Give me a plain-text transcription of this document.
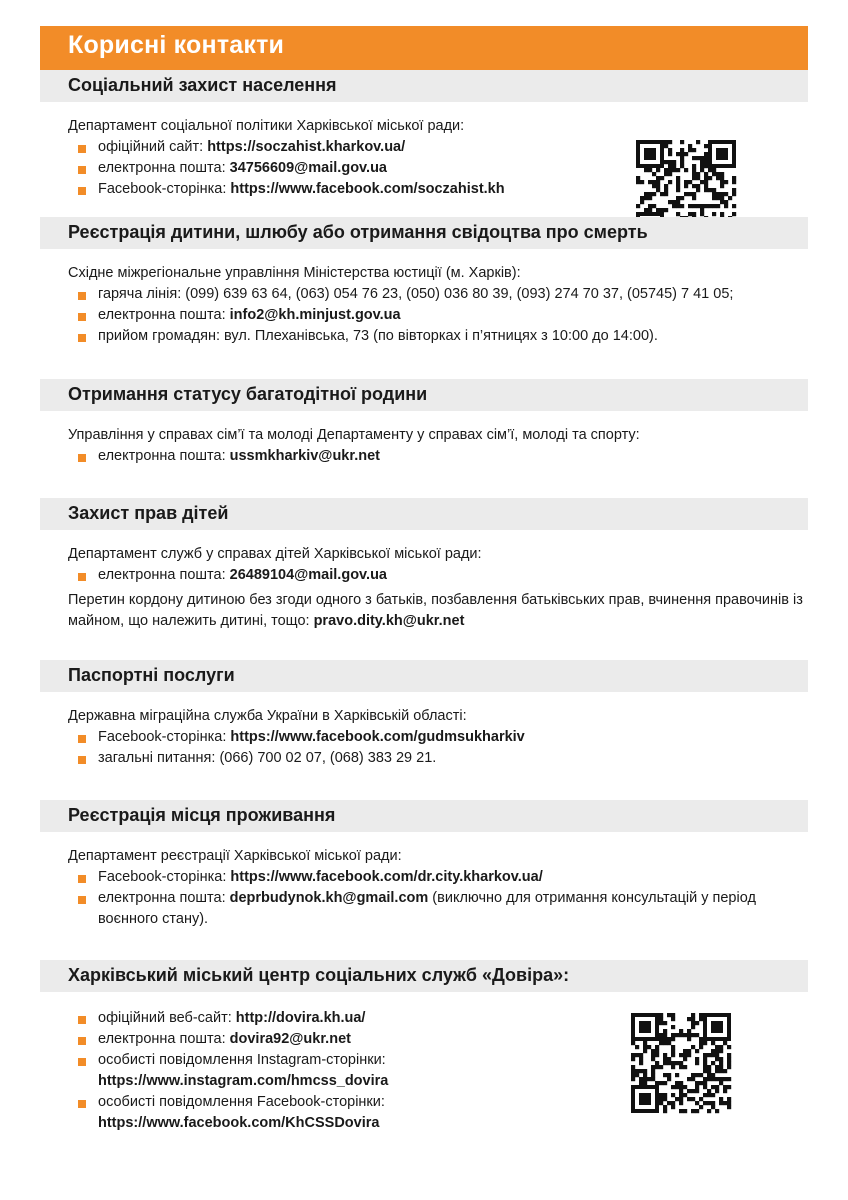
Корисні контакти
Соціальний захист населення

Департамент соціальної політики Харківської міської ради:

офіційний сайт: https://soczahist.kharkov.ua/
електронна пошта: 34756609@mail.gov.ua
Facebook-сторінка: https://www.facebook.com/soczahist.kh
Реєстрація дитини, шлюбу або отримання свідоцтва про смерть

Східне міжрегіональне управління Міністерства юстиції (м. Харків):

гаряча лінія: (099) 639 63 64, (063) 054 76 23, (050) 036 80 39, (093) 274 70 37, (05745) 7 41 05;
електронна пошта: info2@kh.minjust.gov.ua
прийом громадян: вул. Плеханівська, 73 (по вівторках і п’ятницях з 10:00 до 14:00).
Отримання статусу багатодітної родини

Управління у справах сім’ї та молоді Департаменту у справах сім’ї, молоді та спорту:

електронна пошта: ussmkharkiv@ukr.net
Захист прав дітей

Департамент служб у справах дітей Харківської міської ради:

електронна пошта: 26489104@mail.gov.ua

Перетин кордону дитиною без згоди одного з батьків, позбавлення батьківських прав, вчинення правочинів із майном, що належить дитині, тощо: pravo.dity.kh@ukr.net

Паспортні послуги

Державна міграційна служба України в Харківській області:

Facebook-сторінка: https://www.facebook.com/gudmsukharkiv
загальні питання: (066) 700 02 07, (068) 383 29 21.
Реєстрація місця проживання

Департамент реєстрації Харківської міської ради:

Facebook-сторінка: https://www.facebook.com/dr.city.kharkov.ua/
електронна пошта: deprbudynok.kh@gmail.com (виключно для отримання консультацій у період воєнного стану).
Харківський міський центр соціальних служб «Довіра»:
офіційний веб-сайт: http://dovira.kh.ua/
електронна пошта: dovira92@ukr.net
особисті повідомлення Instagram-сторінки:
https://www.instagram.com/hmcss_dovira
особисті повідомлення Facebook-сторінки:
https://www.facebook.com/KhCSSDovira
